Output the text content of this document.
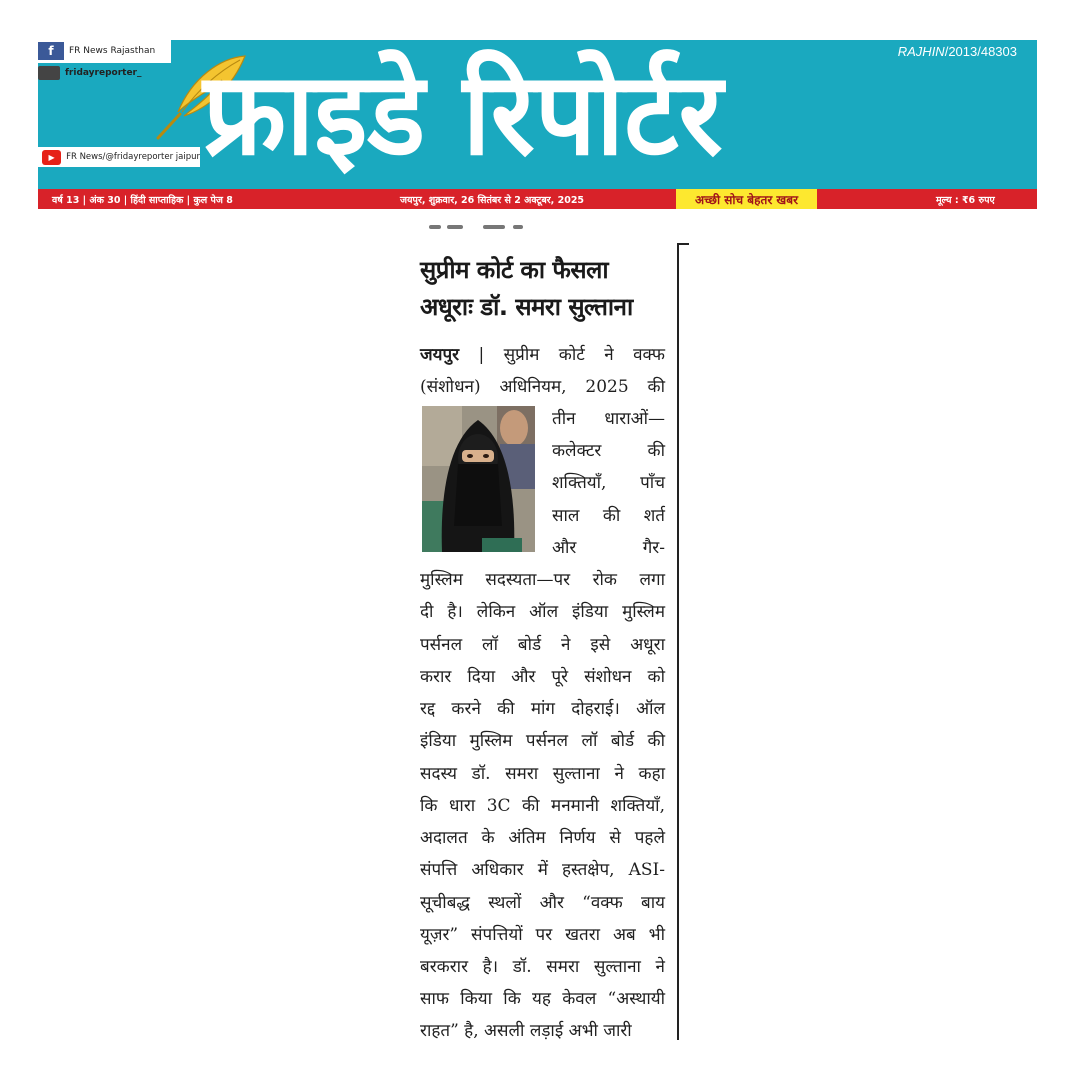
f	FR News Rajasthan
fridayreporter_
▶	FR News/@fridayreporter jaipur फ्राइडे रिपोर्टर	RAJHIN/2013/48303
वर्ष 13 | अंक 30 | हिंदी साप्ताहिक | कुल पेज 8	जयपुर, शुक्रवार, 26 सितंबर से 2 अक्टूबर, 2025	अच्छी सोच बेहतर खबर	मूल्य : ₹6 रुपए
सुप्रीम कोर्ट का फैसला
अधूराः डॉ. समरा सुल्ताना
जयपुर | सुप्रीम कोर्ट ने वक्फ
(संशोधन) अधिनियम, 2025 की
तीन धाराओं—
कलेक्टर की
शक्तियाँ, पाँच
साल की शर्त
और गैर-
मुस्लिम सदस्यता—पर रोक लगा
दी है। लेकिन ऑल इंडिया मुस्लिम
पर्सनल लॉ बोर्ड ने इसे अधूरा
करार दिया और पूरे संशोधन को
रद्द करने की मांग दोहराई। ऑल
इंडिया मुस्लिम पर्सनल लॉ बोर्ड की
सदस्य डॉ. समरा सुल्ताना ने कहा
कि धारा 3C की मनमानी शक्तियाँ,
अदालत के अंतिम निर्णय से पहले
संपत्ति अधिकार में हस्तक्षेप, ASI-
सूचीबद्ध स्थलों और “वक्फ बाय
यूज़र” संपत्तियों पर खतरा अब भी
बरकरार है। डॉ. समरा सुल्ताना ने
साफ किया कि यह केवल “अस्थायी
राहत” है, असली लड़ाई अभी जारी
